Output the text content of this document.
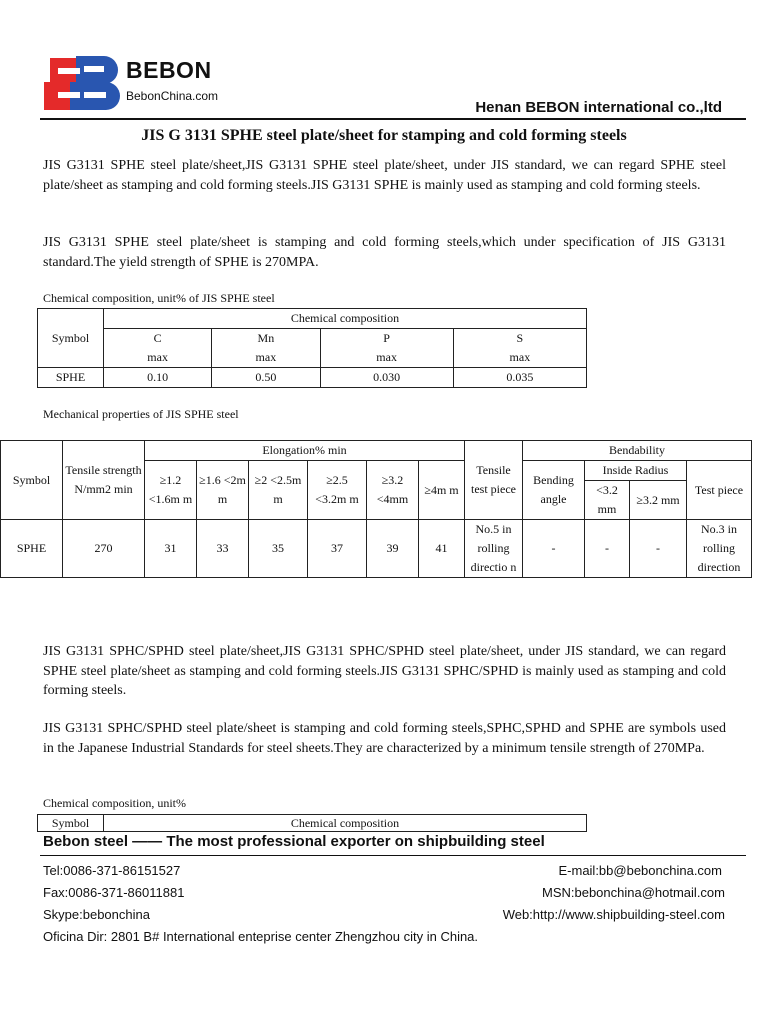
BEBON
BebonChina.com
Henan BEBON international co.,ltd
JIS G 3131 SPHE steel plate/sheet for stamping and cold forming steels
JIS G3131 SPHE steel plate/sheet,JIS G3131 SPHE steel plate/sheet, under JIS standard, we can regard SPHE steel plate/sheet as stamping and cold forming steels.JIS G3131 SPHE is mainly used as stamping and cold forming steels.
JIS G3131 SPHE steel plate/sheet is stamping and cold forming steels,which under specification of JIS G3131 standard.The yield strength of SPHE is 270MPA.
Chemical composition, unit% of JIS SPHE steel
Symbol	Chemical composition			
	C	Mn	P	S
	max	max	max	max
SPHE	0.10	0.50	0.030	0.035
Mechanical properties of JIS SPHE steel
Symbol	Tensile strength N/mm2 min	Elongation% min						Tensile test piece	Bendability			
		≥1.2 <1.6m m	≥1.6 <2m m	≥2 <2.5m m	≥2.5 <3.2m m	≥3.2 <4mm	≥4m m		Bending angle	Inside Radius		Test piece
										<3.2 mm	≥3.2 mm	
SPHE	270	31	33	35	37	39	41	No.5 in rolling directio n	-	-	-	No.3 in rolling direction
JIS G3131 SPHC/SPHD steel plate/sheet,JIS G3131 SPHC/SPHD steel plate/sheet, under JIS standard, we can regard SPHE steel plate/sheet as stamping and cold forming steels.JIS G3131 SPHC/SPHD is mainly used as stamping and cold forming steels.
JIS G3131 SPHC/SPHD steel plate/sheet is stamping and cold forming steels,SPHC,SPHD and SPHE are symbols used in the Japanese Industrial Standards for steel sheets.They are characterized by a minimum tensile strength of 270MPa.
Chemical composition, unit%
Symbol	Chemical composition
Bebon steel —— The most professional exporter on shipbuilding steel
Tel:0086-371-86151527	E-mail:bb@bebonchina.com
Fax:0086-371-86011881	MSN:bebonchina@hotmail.com
Skype:bebonchina	Web:http://www.shipbuilding-steel.com
Oficina Dir: 2801 B# International enteprise center Zhengzhou city in China.
